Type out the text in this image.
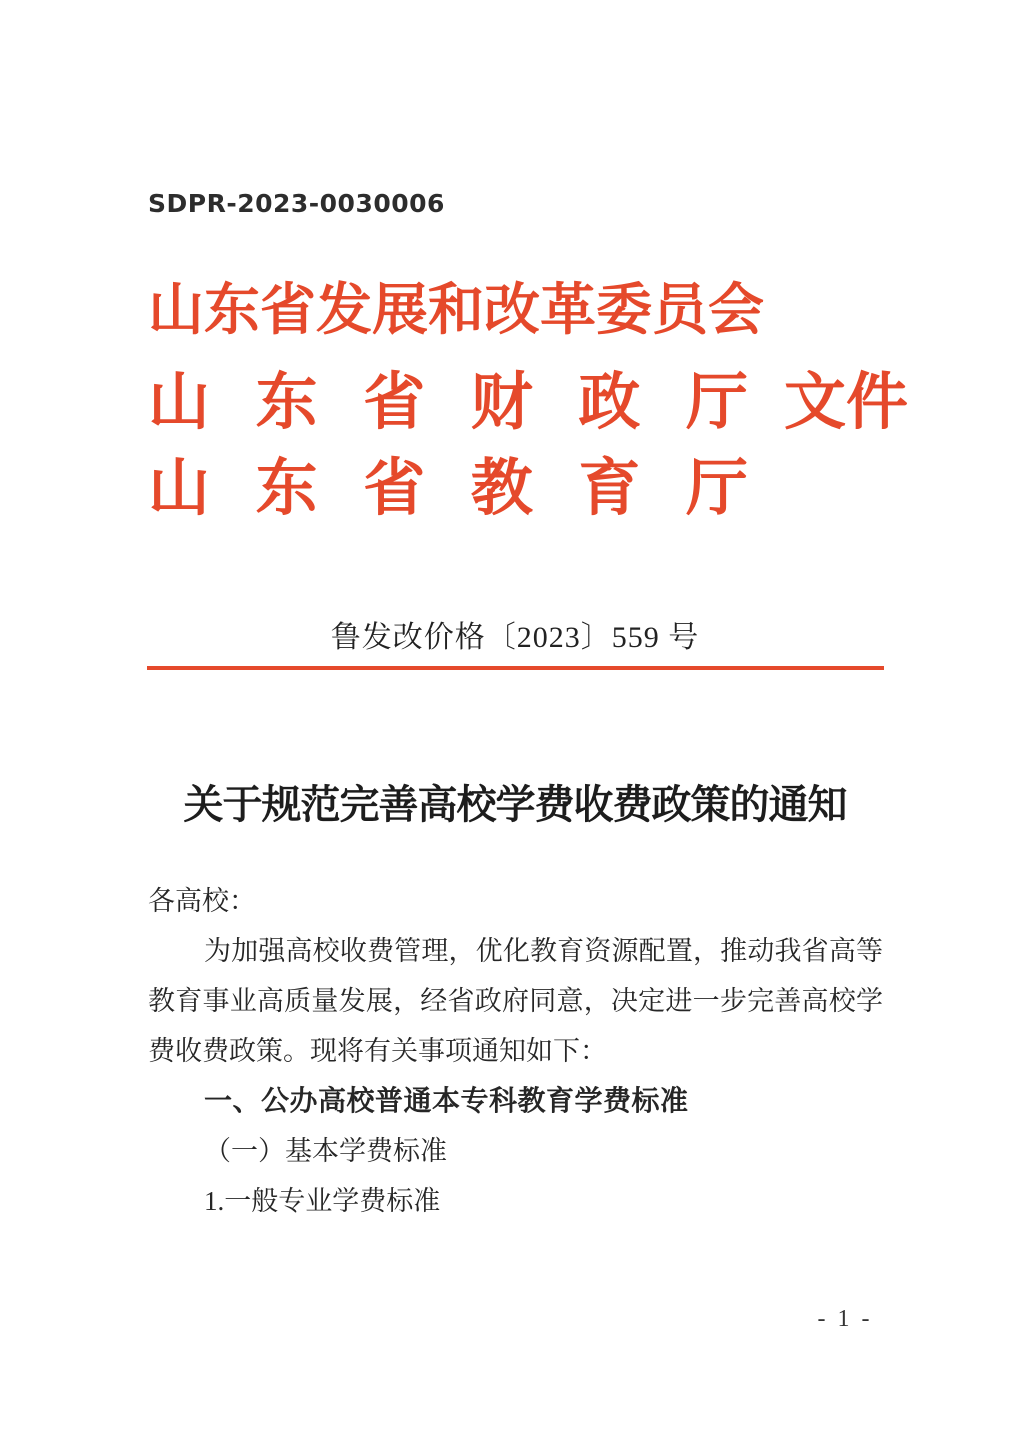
SDPR-2023-0030006
山东省发展和改革委员会
山 东 省 财 政 厅 文件
山 东 省 教 育 厅
鲁发改价格〔2023〕559 号
关于规范完善高校学费收费政策的通知
各高校：
为加强高校收费管理，优化教育资源配置，推动我省高等
教育事业高质量发展，经省政府同意，决定进一步完善高校学
费收费政策。现将有关事项通知如下：
一、公办高校普通本专科教育学费标准
（一）基本学费标准
1.一般专业学费标准
- 1 -
